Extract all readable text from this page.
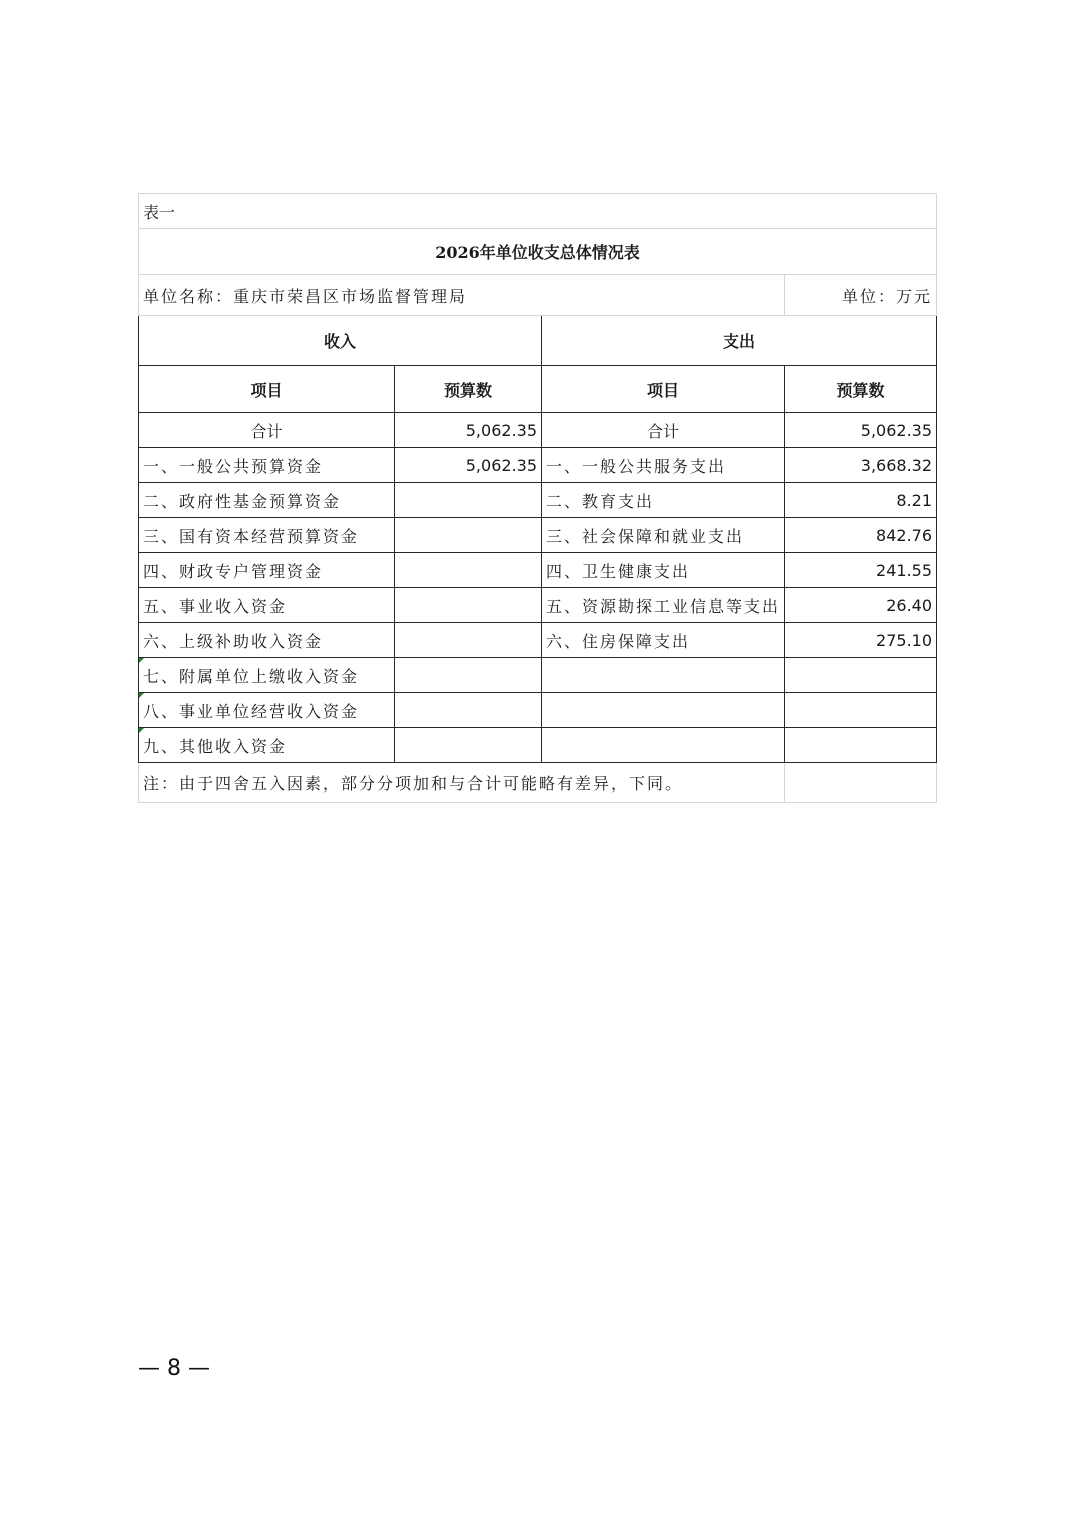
表一			
2026年单位收支总体情况表			
单位名称：重庆市荣昌区市场监督管理局			单位：万元
收入		支出	
项目	预算数	项目	预算数
合计	5,062.35	合计	5,062.35
一、一般公共预算资金	5,062.35	一、一般公共服务支出	3,668.32
二、政府性基金预算资金		二、教育支出	8.21
三、国有资本经营预算资金		三、社会保障和就业支出	842.76
四、财政专户管理资金		四、卫生健康支出	241.55
五、事业收入资金		五、资源勘探工业信息等支出	26.40
六、上级补助收入资金		六、住房保障支出	275.10
七、附属单位上缴收入资金			
八、事业单位经营收入资金			
九、其他收入资金			
注：由于四舍五入因素，部分分项加和与合计可能略有差异，下同。			
— 8 —
